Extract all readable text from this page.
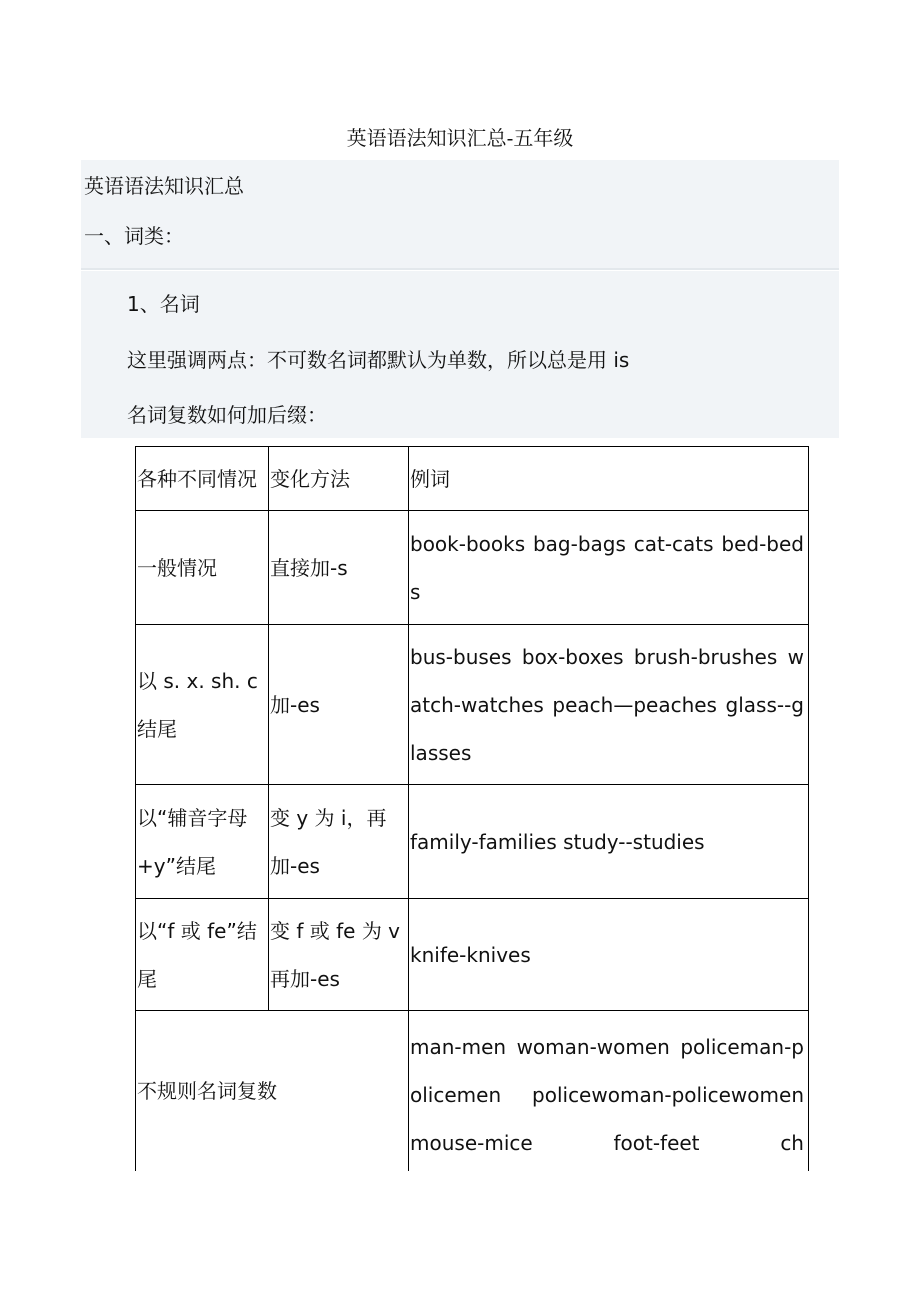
英语语法知识汇总-五年级
英语语法知识汇总
一、词类：
1、名词
这里强调两点：不可数名词都默认为单数，所以总是用 is
名词复数如何加后缀：
各种不同情况	变化方法	例词
一般情况	直接加-s	book-books bag-bags cat-cats bed-beds
以 s. x. sh. c 结尾	加-es	bus-buses box-boxes brush-brushes watch-watches peach—peaches glass--glasses
以“辅音字母+y”结尾	变 y 为 i，再加-es	family-families study--studies
以“f 或 fe”结尾	变 f 或 fe 为 v 再加-es	knife-knives
不规则名词复数		man-men woman-women policeman-policemen policewoman-policewomen mouse-mice foot-feet ch
